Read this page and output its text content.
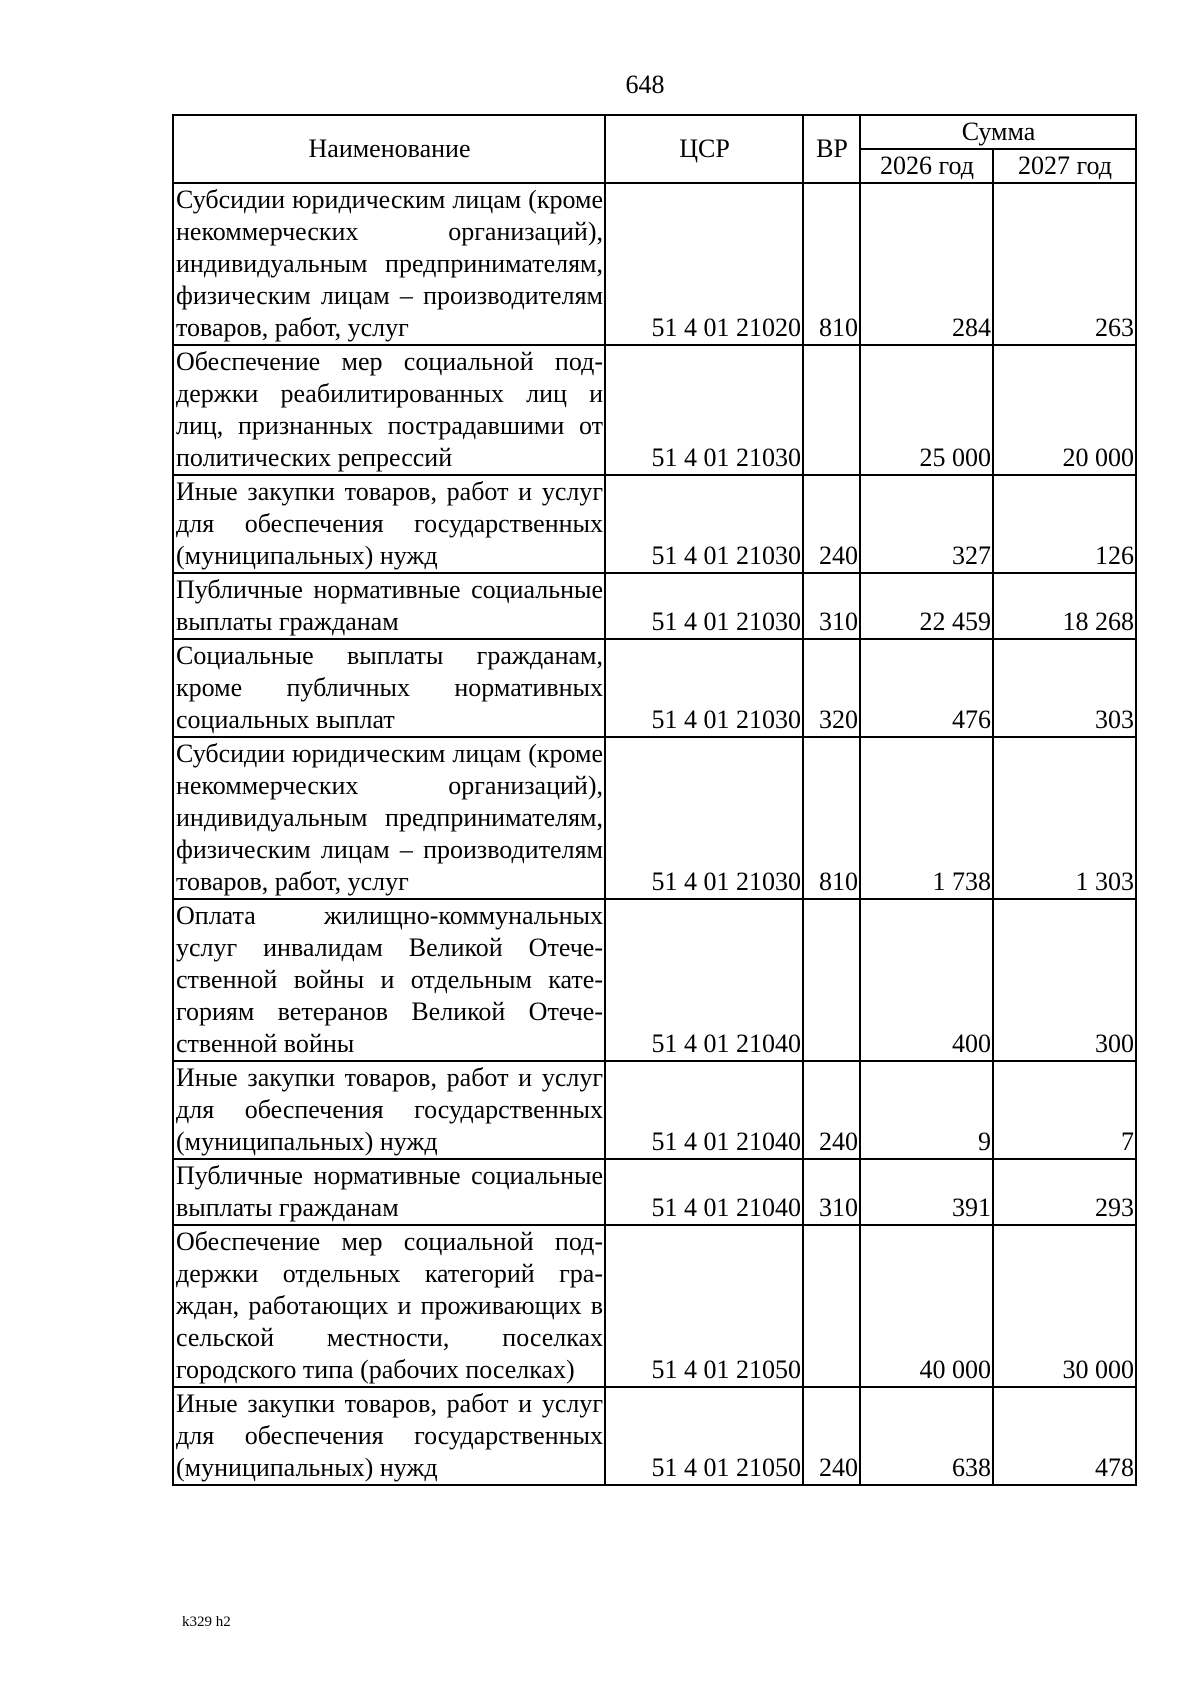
648
Наименование	ЦСР	ВР	Сумма	
			2026 год	2027 год
Субсидии юридическим лицам (кроме некоммерческих организаций), индивидуальным предпринимателям, физическим лицам – производителям товаров, работ, услуг	51 4 01 21020	810	284	263
Обеспечение мер социальной поддержки реабилитированных лиц и лиц, признанных пострадавшими от политических репрессий	51 4 01 21030		25 000	20 000
Иные закупки товаров, работ и услуг для обеспечения государственных (муниципальных) нужд	51 4 01 21030	240	327	126
Публичные нормативные социальные выплаты гражданам	51 4 01 21030	310	22 459	18 268
Социальные выплаты гражданам, кроме публичных нормативных социальных выплат	51 4 01 21030	320	476	303
Субсидии юридическим лицам (кроме некоммерческих организаций), индивидуальным предпринимателям, физическим лицам – производителям товаров, работ, услуг	51 4 01 21030	810	1 738	1 303
Оплата жилищно-коммунальных услуг инвалидам Великой Отечественной войны и отдельным категориям ветеранов Великой Отечественной войны	51 4 01 21040		400	300
Иные закупки товаров, работ и услуг для обеспечения государственных (муниципальных) нужд	51 4 01 21040	240	9	7
Публичные нормативные социальные выплаты гражданам	51 4 01 21040	310	391	293
Обеспечение мер социальной поддержки отдельных категорий граждан, работающих и проживающих в сельской местности, поселках городского типа (рабочих поселках)	51 4 01 21050		40 000	30 000
Иные закупки товаров, работ и услуг для обеспечения государственных (муниципальных) нужд	51 4 01 21050	240	638	478
k329 h2
